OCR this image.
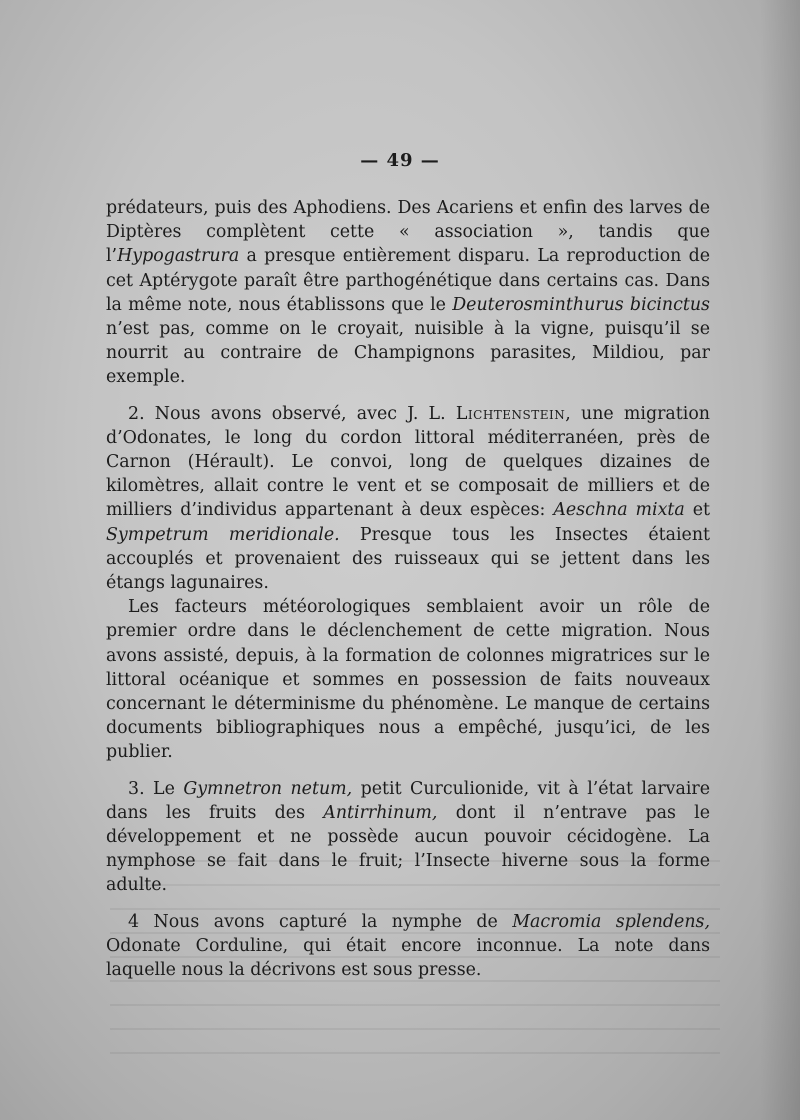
— 49 —

prédateurs, puis des Aphodiens. Des Acariens et enfin des larves de Diptères complètent cette « association », tandis que l’Hypogastrura a presque entièrement disparu. La reproduction de cet Aptérygote paraît être parthogénétique dans certains cas. Dans la même note, nous établissons que le Deuterosminthurus bicinctus n’est pas, comme on le croyait, nuisible à la vigne, puisqu’il se nourrit au contraire de Champignons parasites, Mildiou, par exemple.

2. Nous avons observé, avec J. L. Lichtenstein, une migration d’Odonates, le long du cordon littoral méditerranéen, près de Carnon (Hérault). Le convoi, long de quelques dizaines de kilomètres, allait contre le vent et se composait de milliers et de milliers d’individus appartenant à deux espèces: Aeschna mixta et Sympetrum meridionale. Presque tous les Insectes étaient accouplés et provenaient des ruisseaux qui se jettent dans les étangs lagunaires.

Les facteurs météorologiques semblaient avoir un rôle de premier ordre dans le déclenchement de cette migration. Nous avons assisté, depuis, à la formation de colonnes migratrices sur le littoral océanique et sommes en possession de faits nouveaux concernant le déterminisme du phénomène. Le manque de certains documents bibliographiques nous a empêché, jusqu’ici, de les publier.

3. Le Gymnetron netum, petit Curculionide, vit à l’état larvaire dans les fruits des Antirrhinum, dont il n’entrave pas le développement et ne possède aucun pouvoir cécidogène. La nymphose se fait dans le fruit; l’Insecte hiverne sous la forme adulte.

4 Nous avons capturé la nymphe de Macromia splendens, Odonate Corduline, qui était encore inconnue. La note dans laquelle nous la décrivons est sous presse.
